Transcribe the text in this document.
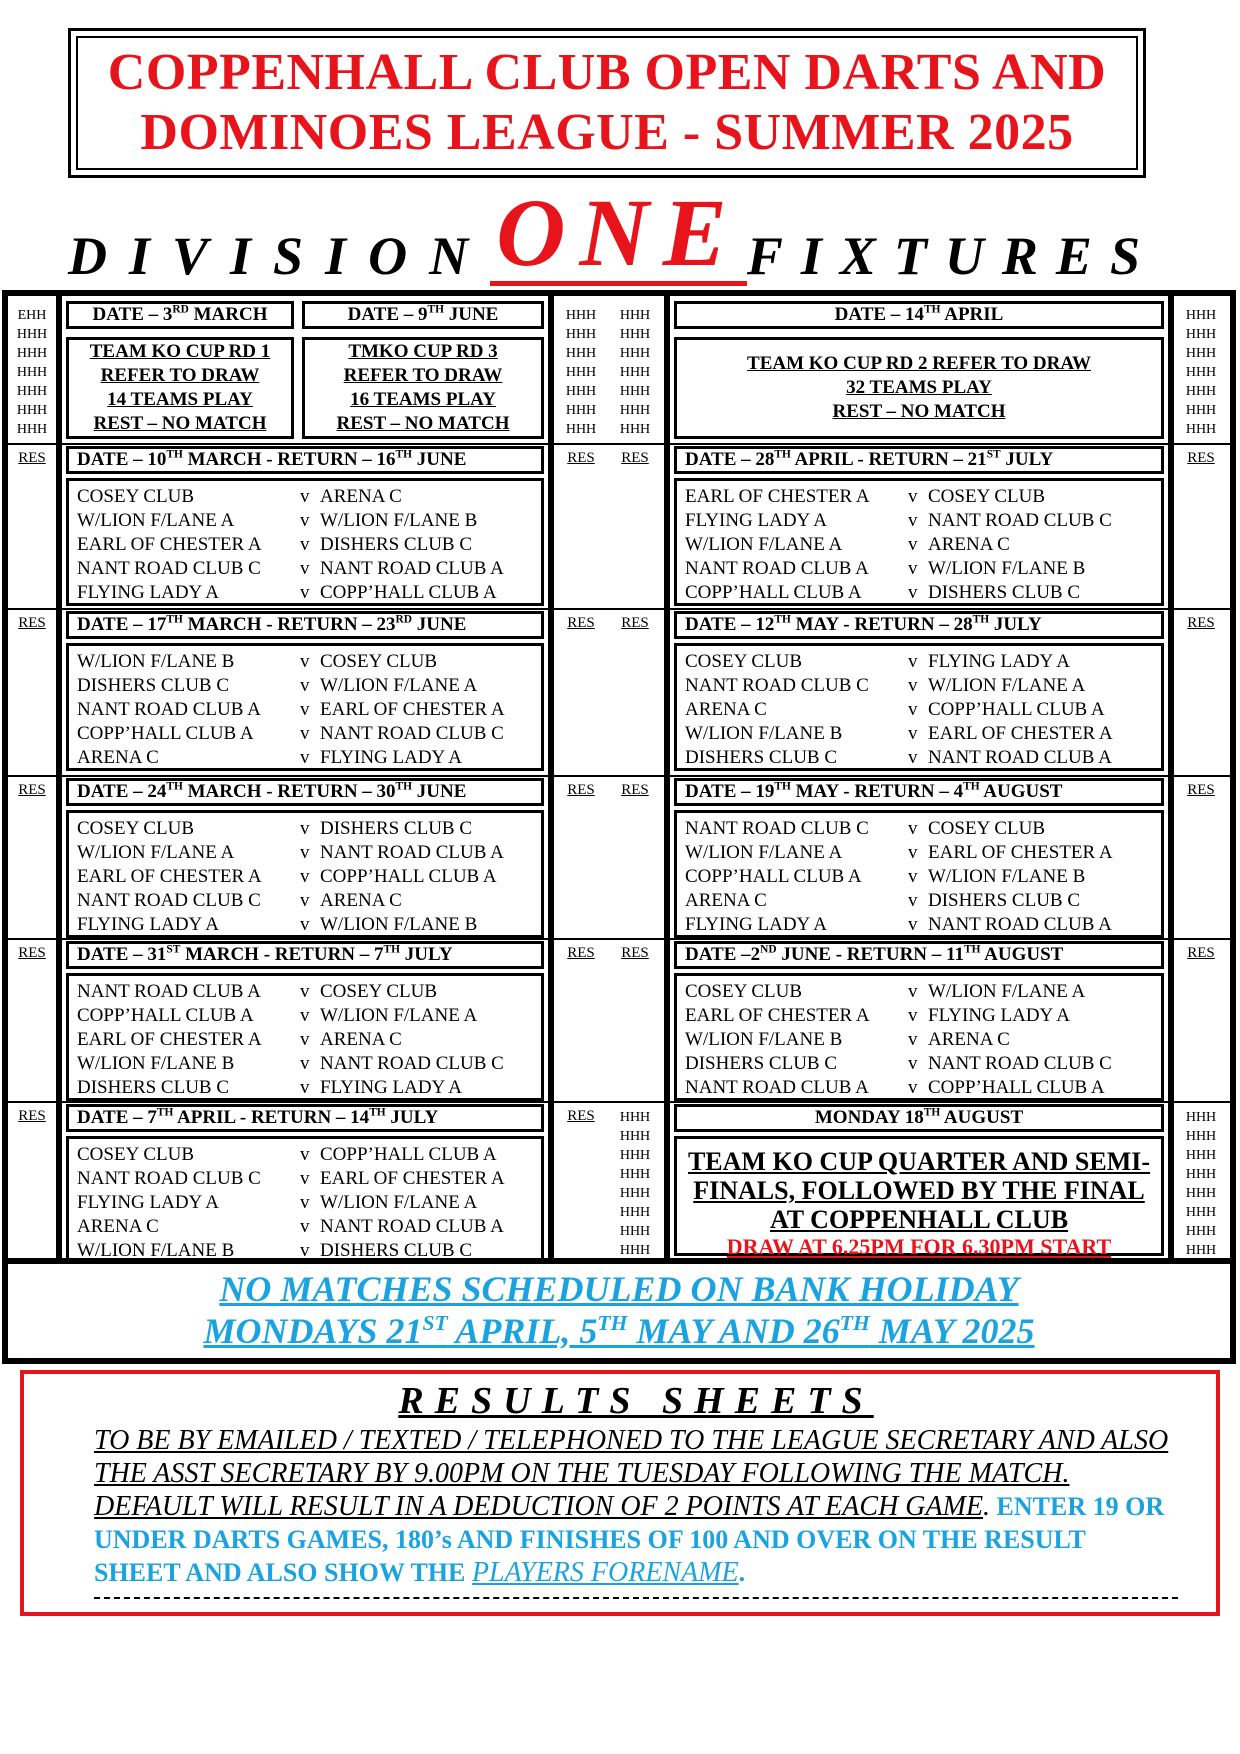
COPPENHALL CLUB OPEN DARTS AND
DOMINOES LEAGUE - SUMMER 2025
DIVISION ONE FIXTURES
EHH
HHH
HHH
HHH
HHH
HHH
HHH
HHH
HHH
HHH
HHH
HHH
HHH
HHH
HHH
HHH
HHH
HHH
HHH
HHH
HHH
HHH
HHH
HHH
HHH
HHH
HHH
HHH
DATE – 3RD MARCH	DATE – 9TH JUNE	DATE – 14TH APRIL
TEAM KO CUP RD 1
REFER TO DRAW
14 TEAMS PLAY
REST – NO MATCH
TMKO CUP RD 3
REFER TO DRAW
16 TEAMS PLAY
REST – NO MATCH
TEAM KO CUP RD 2 REFER TO DRAW
32 TEAMS PLAY
REST – NO MATCH
RES	RES	RES
DATE – 10TH MARCH - RETURN – 16TH JUNE
COSEY CLUB	v ARENA C
W/LION F/LANE A	v W/LION F/LANE B
EARL OF CHESTER A	v DISHERS CLUB C
NANT ROAD CLUB C	v NANT ROAD CLUB A
FLYING LADY A	v COPP’HALL CLUB A
RES	RES	RES
DATE – 17TH MARCH - RETURN – 23RD JUNE
W/LION F/LANE B	v COSEY CLUB
DISHERS CLUB C	v W/LION F/LANE A
NANT ROAD CLUB A	v EARL OF CHESTER A
COPP’HALL CLUB A	v NANT ROAD CLUB C
ARENA C	v FLYING LADY A
RES	RES	RES
DATE – 24TH MARCH - RETURN – 30TH JUNE
COSEY CLUB	v DISHERS CLUB C
W/LION F/LANE A	v NANT ROAD CLUB A
EARL OF CHESTER A	v COPP’HALL CLUB A
NANT ROAD CLUB C	v ARENA C
FLYING LADY A	v W/LION F/LANE B
RES	RES	RES
DATE – 31ST MARCH - RETURN – 7TH JULY
NANT ROAD CLUB A	v COSEY CLUB
COPP’HALL CLUB A	v W/LION F/LANE A
EARL OF CHESTER A	v ARENA C
W/LION F/LANE B	v NANT ROAD CLUB C
DISHERS CLUB C	v FLYING LADY A
RES	RES
DATE – 7TH APRIL - RETURN – 14TH JULY
COSEY CLUB	v COPP’HALL CLUB A
NANT ROAD CLUB C	v EARL OF CHESTER A
FLYING LADY A	v W/LION F/LANE A
ARENA C	v NANT ROAD CLUB A
W/LION F/LANE B	v DISHERS CLUB C
RES
DATE – 28TH APRIL - RETURN – 21ST JULY
EARL OF CHESTER A	v COSEY CLUB
FLYING LADY A	v NANT ROAD CLUB C
W/LION F/LANE A	v ARENA C
NANT ROAD CLUB A	v W/LION F/LANE B
COPP’HALL CLUB A	v DISHERS CLUB C
RES
DATE – 12TH MAY - RETURN – 28TH JULY
COSEY CLUB	v FLYING LADY A
NANT ROAD CLUB C	v W/LION F/LANE A
ARENA C	v COPP’HALL CLUB A
W/LION F/LANE B	v EARL OF CHESTER A
DISHERS CLUB C	v NANT ROAD CLUB A
RES
DATE – 19TH MAY - RETURN – 4TH AUGUST
NANT ROAD CLUB C	v COSEY CLUB
W/LION F/LANE A	v EARL OF CHESTER A
COPP’HALL CLUB A	v W/LION F/LANE B
ARENA C	v DISHERS CLUB C
FLYING LADY A	v NANT ROAD CLUB A
RES
DATE –2ND JUNE - RETURN – 11TH AUGUST
COSEY CLUB	v W/LION F/LANE A
EARL OF CHESTER A	v FLYING LADY A
W/LION F/LANE B	v ARENA C
DISHERS CLUB C	v NANT ROAD CLUB C
NANT ROAD CLUB A	v COPP’HALL CLUB A
HHH
HHH
HHH
HHH
HHH
HHH
HHH
HHH
HHH
HHH
HHH
HHH
HHH
HHH
HHH
HHH
MONDAY 18TH AUGUST
TEAM KO CUP QUARTER AND SEMI-
FINALS, FOLLOWED BY THE FINAL
AT COPPENHALL CLUB
DRAW AT 6.25PM FOR 6.30PM START
NO MATCHES SCHEDULED ON BANK HOLIDAY
MONDAYS 21ST APRIL, 5TH MAY AND 26TH MAY 2025
RESULTS SHEETS
TO BE BY EMAILED / TEXTED / TELEPHONED TO THE LEAGUE SECRETARY AND ALSO THE ASST SECRETARY BY 9.00PM ON THE TUESDAY FOLLOWING THE MATCH. DEFAULT WILL RESULT IN A DEDUCTION OF 2 POINTS AT EACH GAME. ENTER 19 OR UNDER DARTS GAMES, 180’s AND FINISHES OF 100 AND OVER ON THE RESULT SHEET AND ALSO SHOW THE PLAYERS FORENAME.
